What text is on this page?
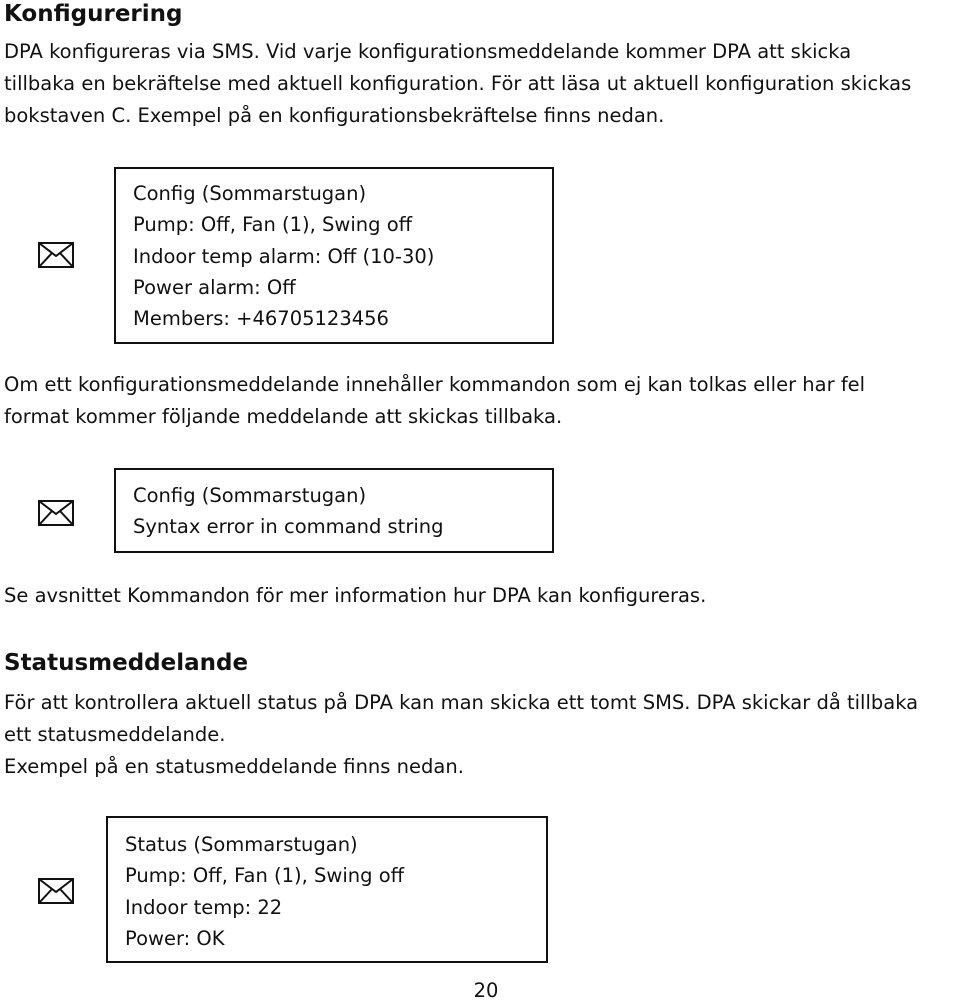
Konfigurering
DPA konfigureras via SMS. Vid varje konfigurationsmeddelande kommer DPA att skicka
tillbaka en bekräftelse med aktuell konfiguration. För att läsa ut aktuell konfiguration skickas
bokstaven C. Exempel på en konfigurationsbekräftelse finns nedan.
Config (Sommarstugan)
Pump: Off, Fan (1), Swing off
Indoor temp alarm: Off (10-30)
Power alarm: Off
Members: +46705123456
Om ett konfigurationsmeddelande innehåller kommandon som ej kan tolkas eller har fel
format kommer följande meddelande att skickas tillbaka.
Config (Sommarstugan)
Syntax error in command string
Se avsnittet Kommandon för mer information hur DPA kan konfigureras.
Statusmeddelande
För att kontrollera aktuell status på DPA kan man skicka ett tomt SMS. DPA skickar då tillbaka
ett statusmeddelande.
Exempel på en statusmeddelande finns nedan.
Status (Sommarstugan)
Pump: Off, Fan (1), Swing off
Indoor temp: 22
Power: OK
20
